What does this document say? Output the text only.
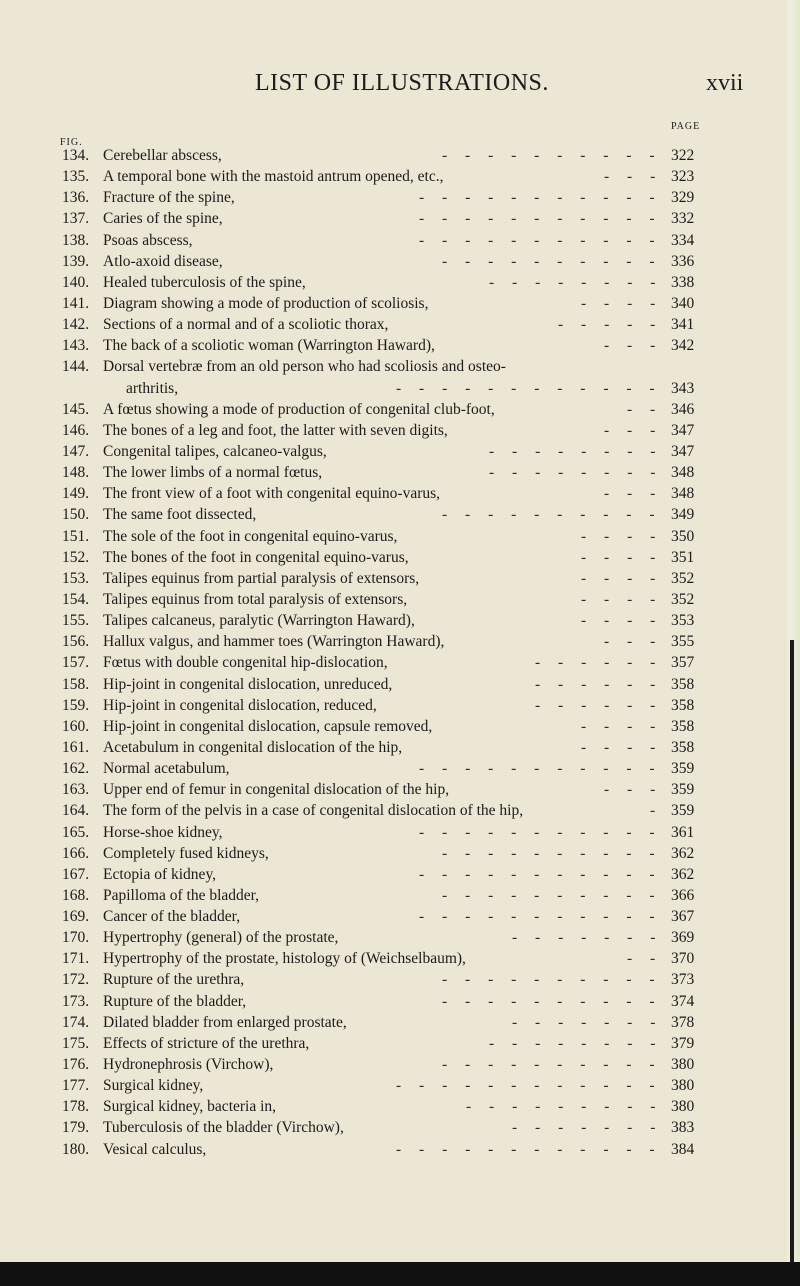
LIST OF ILLUSTRATIONS.	xvii
PAGE
FIG.
134. Cerebellar abscess,	- - - - - - - - - - 322
135. A temporal bone with the mastoid antrum opened, etc.,	- - - 323
136. Fracture of the spine,	- - - - - - - - - - - 329
137. Caries of the spine,	- - - - - - - - - - - 332
138. Psoas abscess,	- - - - - - - - - - - 334
139. Atlo-axoid disease,	- - - - - - - - - - 336
140. Healed tuberculosis of the spine,	- - - - - - - - 338
141. Diagram showing a mode of production of scoliosis,	- - - - 340
142. Sections of a normal and of a scoliotic thorax,	- - - - - 341
143. The back of a scoliotic woman (Warrington Haward),	- - - 342
144. Dorsal vertebræ from an old person who had scoliosis and osteo-
arthritis,	- - - - - - - - - - - - 343
145. A fœtus showing a mode of production of congenital club-foot,	- - 346
146. The bones of a leg and foot, the latter with seven digits,	- - - 347
147. Congenital talipes, calcaneo-valgus,	- - - - - - - - 347
148. The lower limbs of a normal fœtus,	- - - - - - - - 348
149. The front view of a foot with congenital equino-varus,	- - - 348
150. The same foot dissected,	- - - - - - - - - - 349
151. The sole of the foot in congenital equino-varus,	- - - - 350
152. The bones of the foot in congenital equino-varus,	- - - - 351
153. Talipes equinus from partial paralysis of extensors,	- - - - 352
154. Talipes equinus from total paralysis of extensors,	- - - - 352
155. Talipes calcaneus, paralytic (Warrington Haward),	- - - - 353
156. Hallux valgus, and hammer toes (Warrington Haward),	- - - 355
157. Fœtus with double congenital hip-dislocation,	- - - - - - 357
158. Hip-joint in congenital dislocation, unreduced,	- - - - - - 358
159. Hip-joint in congenital dislocation, reduced,	- - - - - - 358
160. Hip-joint in congenital dislocation, capsule removed,	- - - - 358
161. Acetabulum in congenital dislocation of the hip,	- - - - 358
162. Normal acetabulum,	- - - - - - - - - - - 359
163. Upper end of femur in congenital dislocation of the hip,	- - - 359
164. The form of the pelvis in a case of congenital dislocation of the hip,	- 359
165. Horse-shoe kidney,	- - - - - - - - - - - 361
166. Completely fused kidneys,	- - - - - - - - - - 362
167. Ectopia of kidney,	- - - - - - - - - - - 362
168. Papilloma of the bladder,	- - - - - - - - - - 366
169. Cancer of the bladder,	- - - - - - - - - - - 367
170. Hypertrophy (general) of the prostate,	- - - - - - - 369
171. Hypertrophy of the prostate, histology of (Weichselbaum),	- - 370
172. Rupture of the urethra,	- - - - - - - - - - 373
173. Rupture of the bladder,	- - - - - - - - - - 374
174. Dilated bladder from enlarged prostate,	- - - - - - - 378
175. Effects of stricture of the urethra,	- - - - - - - - 379
176. Hydronephrosis (Virchow),	- - - - - - - - - - 380
177. Surgical kidney,	- - - - - - - - - - - - 380
178. Surgical kidney, bacteria in,	- - - - - - - - - 380
179. Tuberculosis of the bladder (Virchow),	- - - - - - - 383
180. Vesical calculus,	- - - - - - - - - - - - 384
